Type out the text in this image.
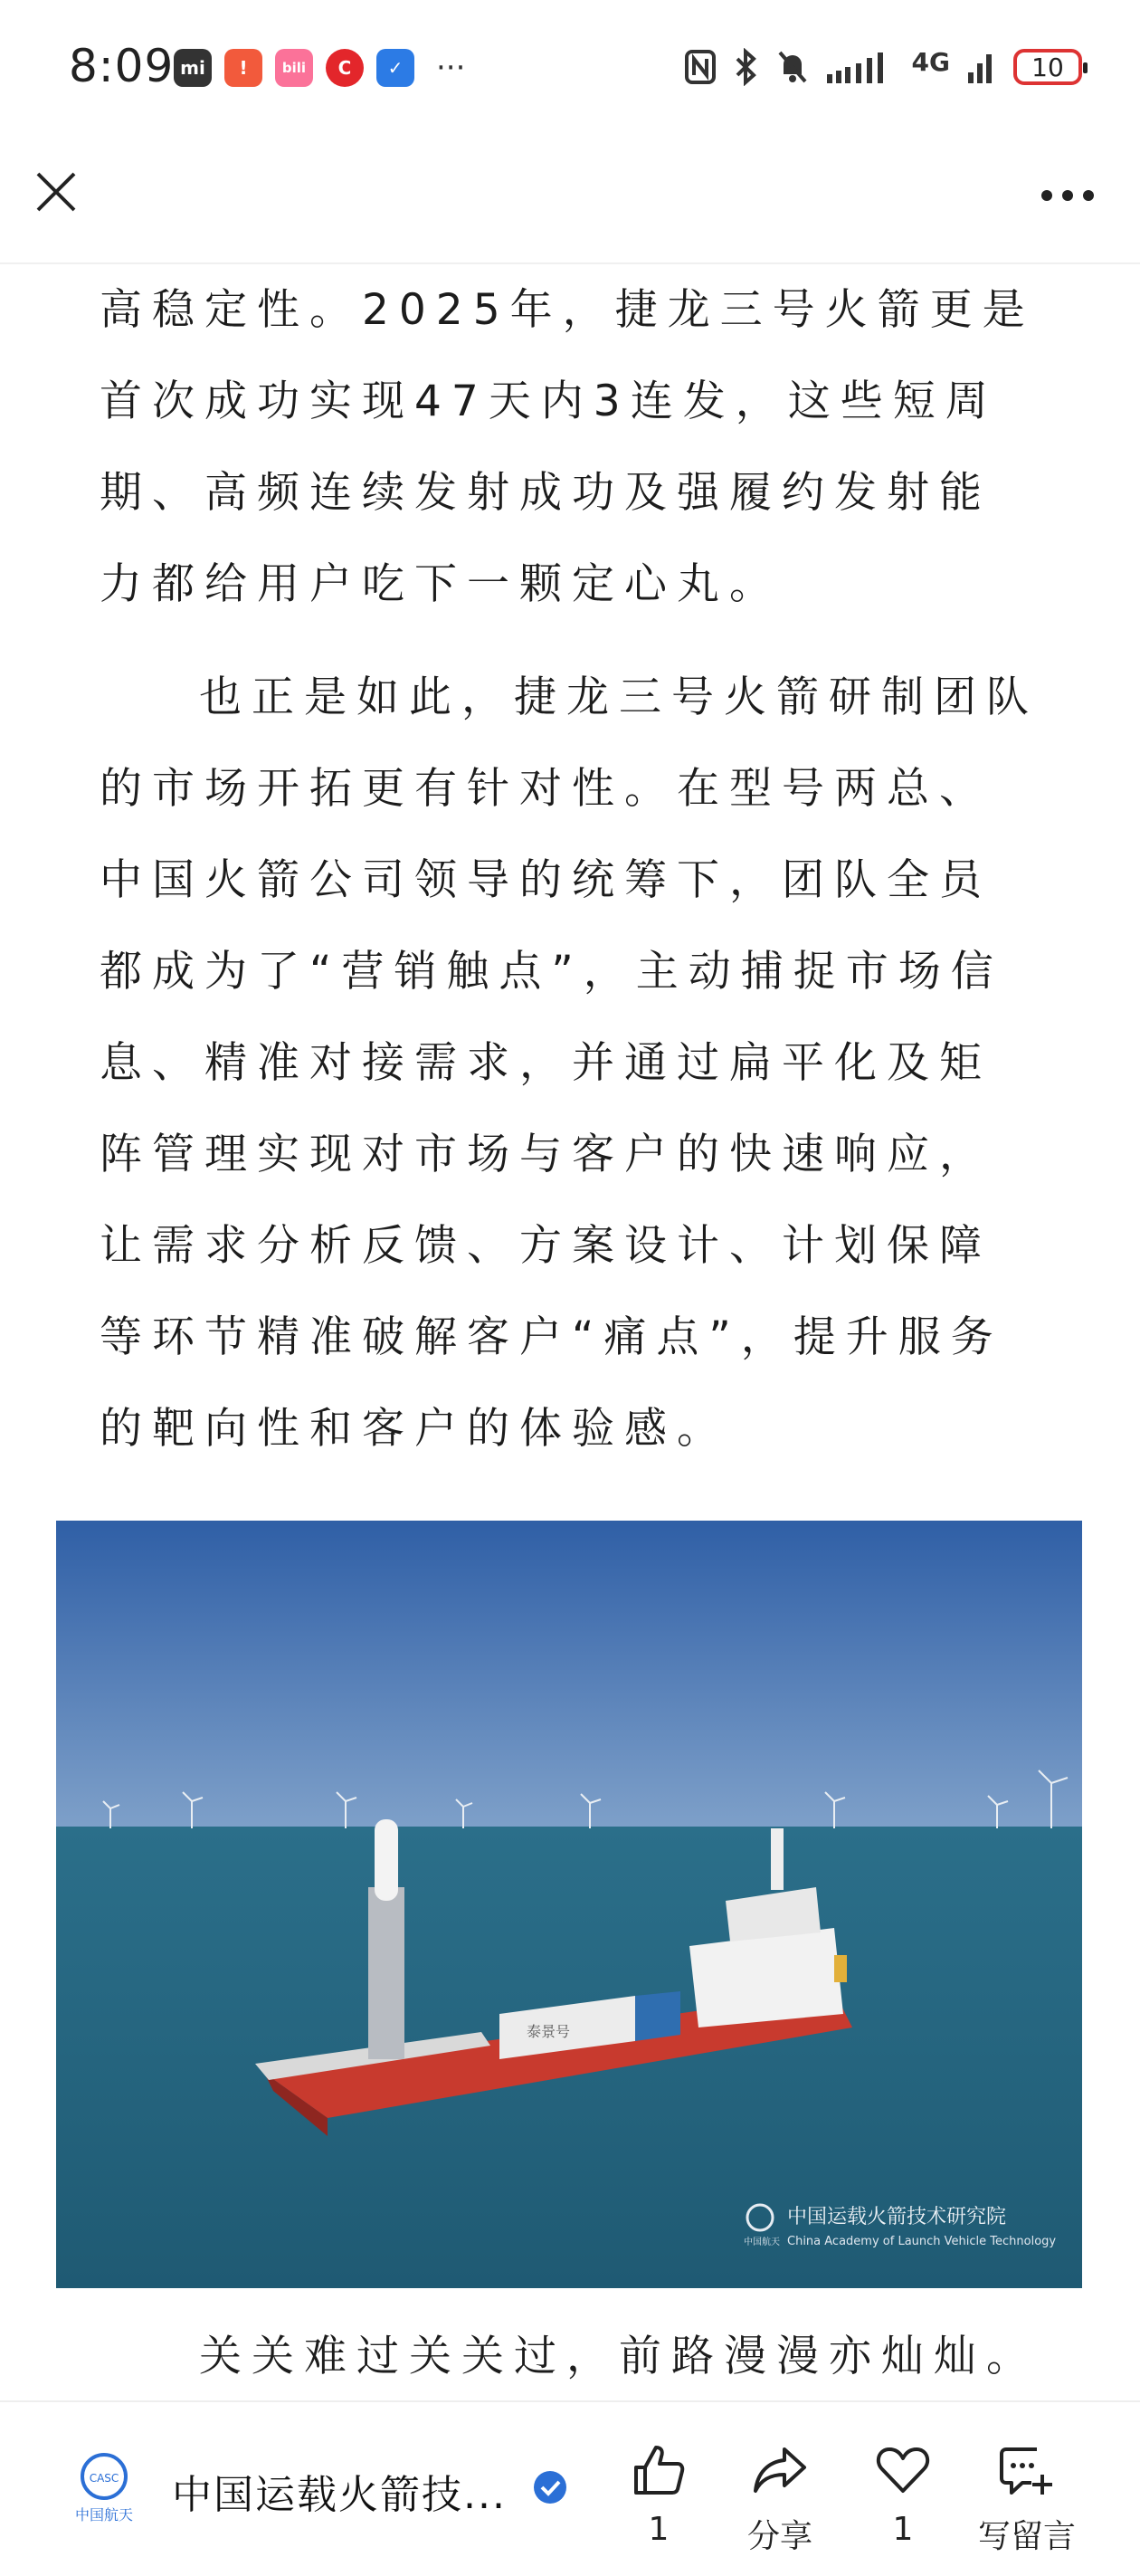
8:09 mi	!	bili	C	✓	···	4G	10

高稳定性。2025年，捷龙三号火箭更是首次成功实现47天内3连发，这些短周期、高频连续发射成功及强履约发射能力都给用户吃下一颗定心丸。

也正是如此，捷龙三号火箭研制团队的市场开拓更有针对性。在型号两总、中国火箭公司领导的统筹下，团队全员都成为了“营销触点”，主动捕捉市场信息、精准对接需求，并通过扁平化及矩阵管理实现对市场与客户的快速响应，让需求分析反馈、方案设计、计划保障等环节精准破解客户“痛点”，提升服务的靶向性和客户的体验感。

泰景号
中国运载火箭技术研究院
中国航天 China Academy of Launch Vehicle Technology
关关难过关关过，前路漫漫亦灿灿。
CASC
中国航天 中国运载火箭技...
1	分享	1	写留言
